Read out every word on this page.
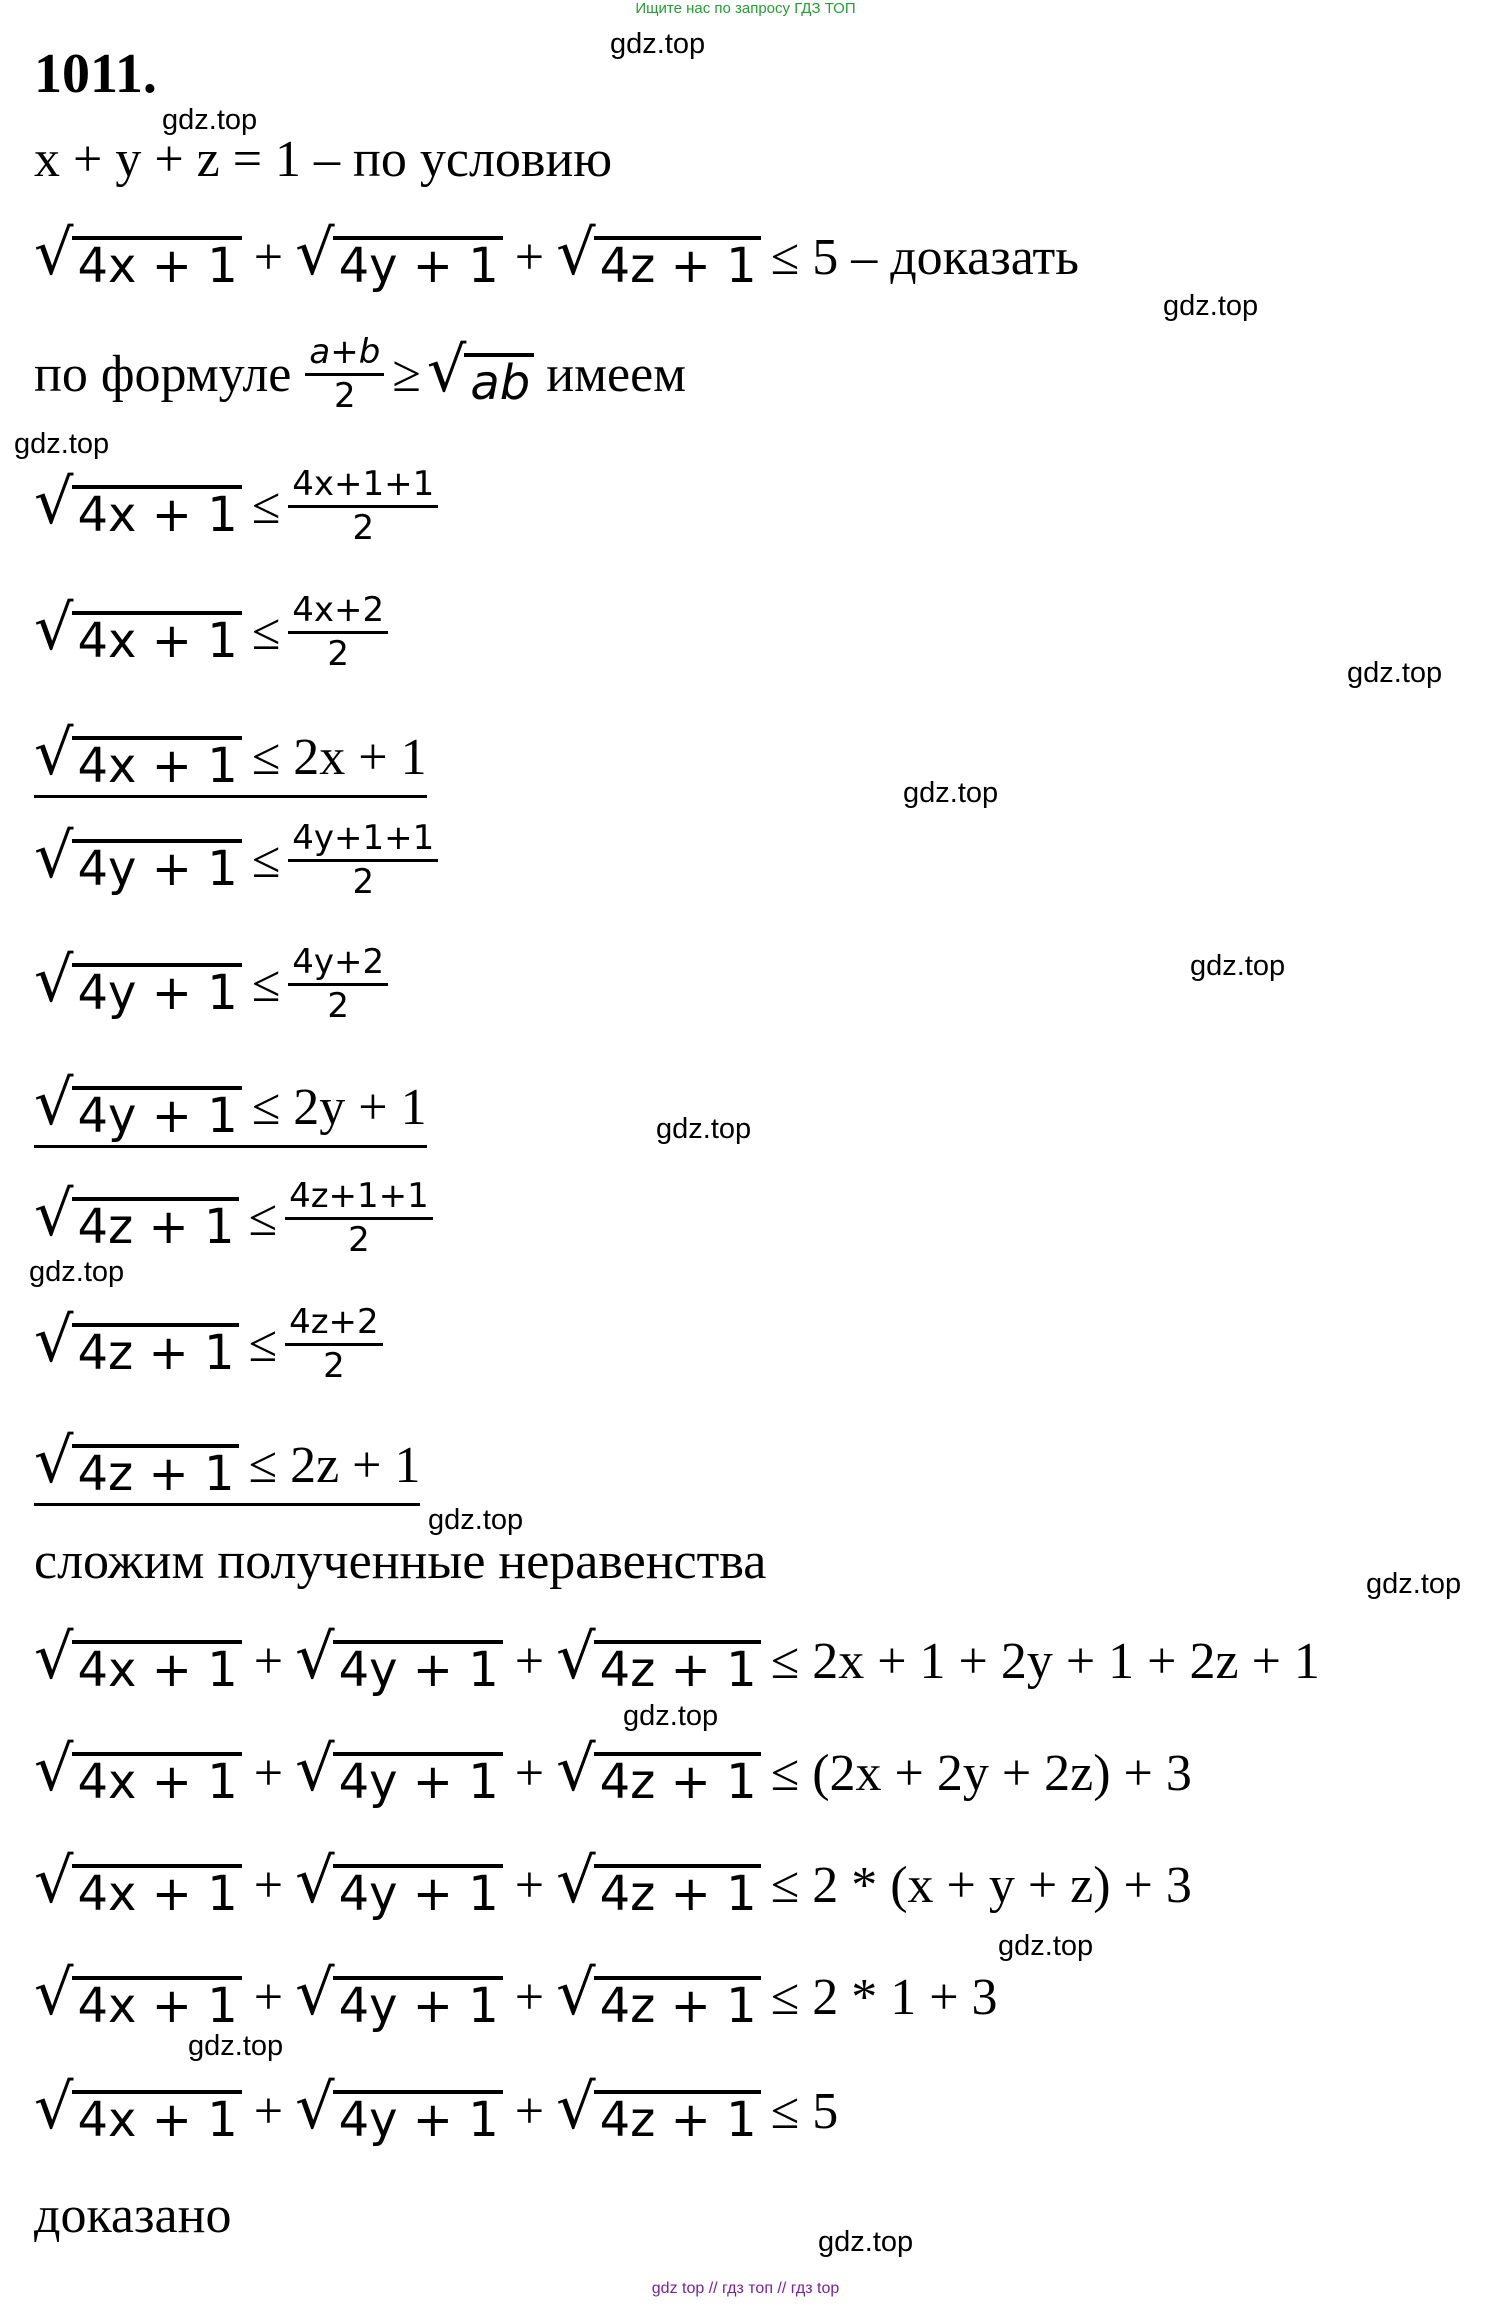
Ищите нас по запросу ГДЗ ТОП
1011.	gdz.top
gdz.top
gdz.top
gdz.top
gdz.top
gdz.top
gdz.top
gdz.top
gdz.top
gdz.top
gdz.top
gdz.top
gdz.top
gdz.top
gdz.top
x + y + z = 1 – по условию
√ 4x + 1 + √ 4y + 1 + √ 4z + 1 ≤ 5 – доказать
по формуле $\frac{a+b}{2}$ ≥ √ ab имеем
√ $4x + 1 \le \frac{4x+1+1}{2}$
√ $4x + 1 \le \frac{4x+2}{2}$
√ 4x + 1 ≤ 2x + 1
√ $4y + 1 \le \frac{4y+1+1}{2}$
√ $4y + 1 \le \frac{4y+2}{2}$
√ 4y + 1 ≤ 2y + 1
√ $4z + 1 \le \frac{4z+1+1}{2}$
√ $4z + 1 \le \frac{4z+2}{2}$
√ 4z + 1 ≤ 2z + 1
сложим полученные неравенства
√ 4x + 1 + √ 4y + 1 + √ 4z + 1 ≤ 2x + 1 + 2y + 1 + 2z + 1
√ 4x + 1 + √ 4y + 1 + √ 4z + 1 ≤ (2x + 2y + 2z) + 3
√ 4x + 1 + √ 4y + 1 + √ 4z + 1 ≤ 2 * (x + y + z) + 3
√ 4x + 1 + √ 4y + 1 + √ 4z + 1 ≤ 2 * 1 + 3
√ 4x + 1 + √ 4y + 1 + √ 4z + 1 ≤ 5
доказано
gdz top // гдз топ // гдз top
